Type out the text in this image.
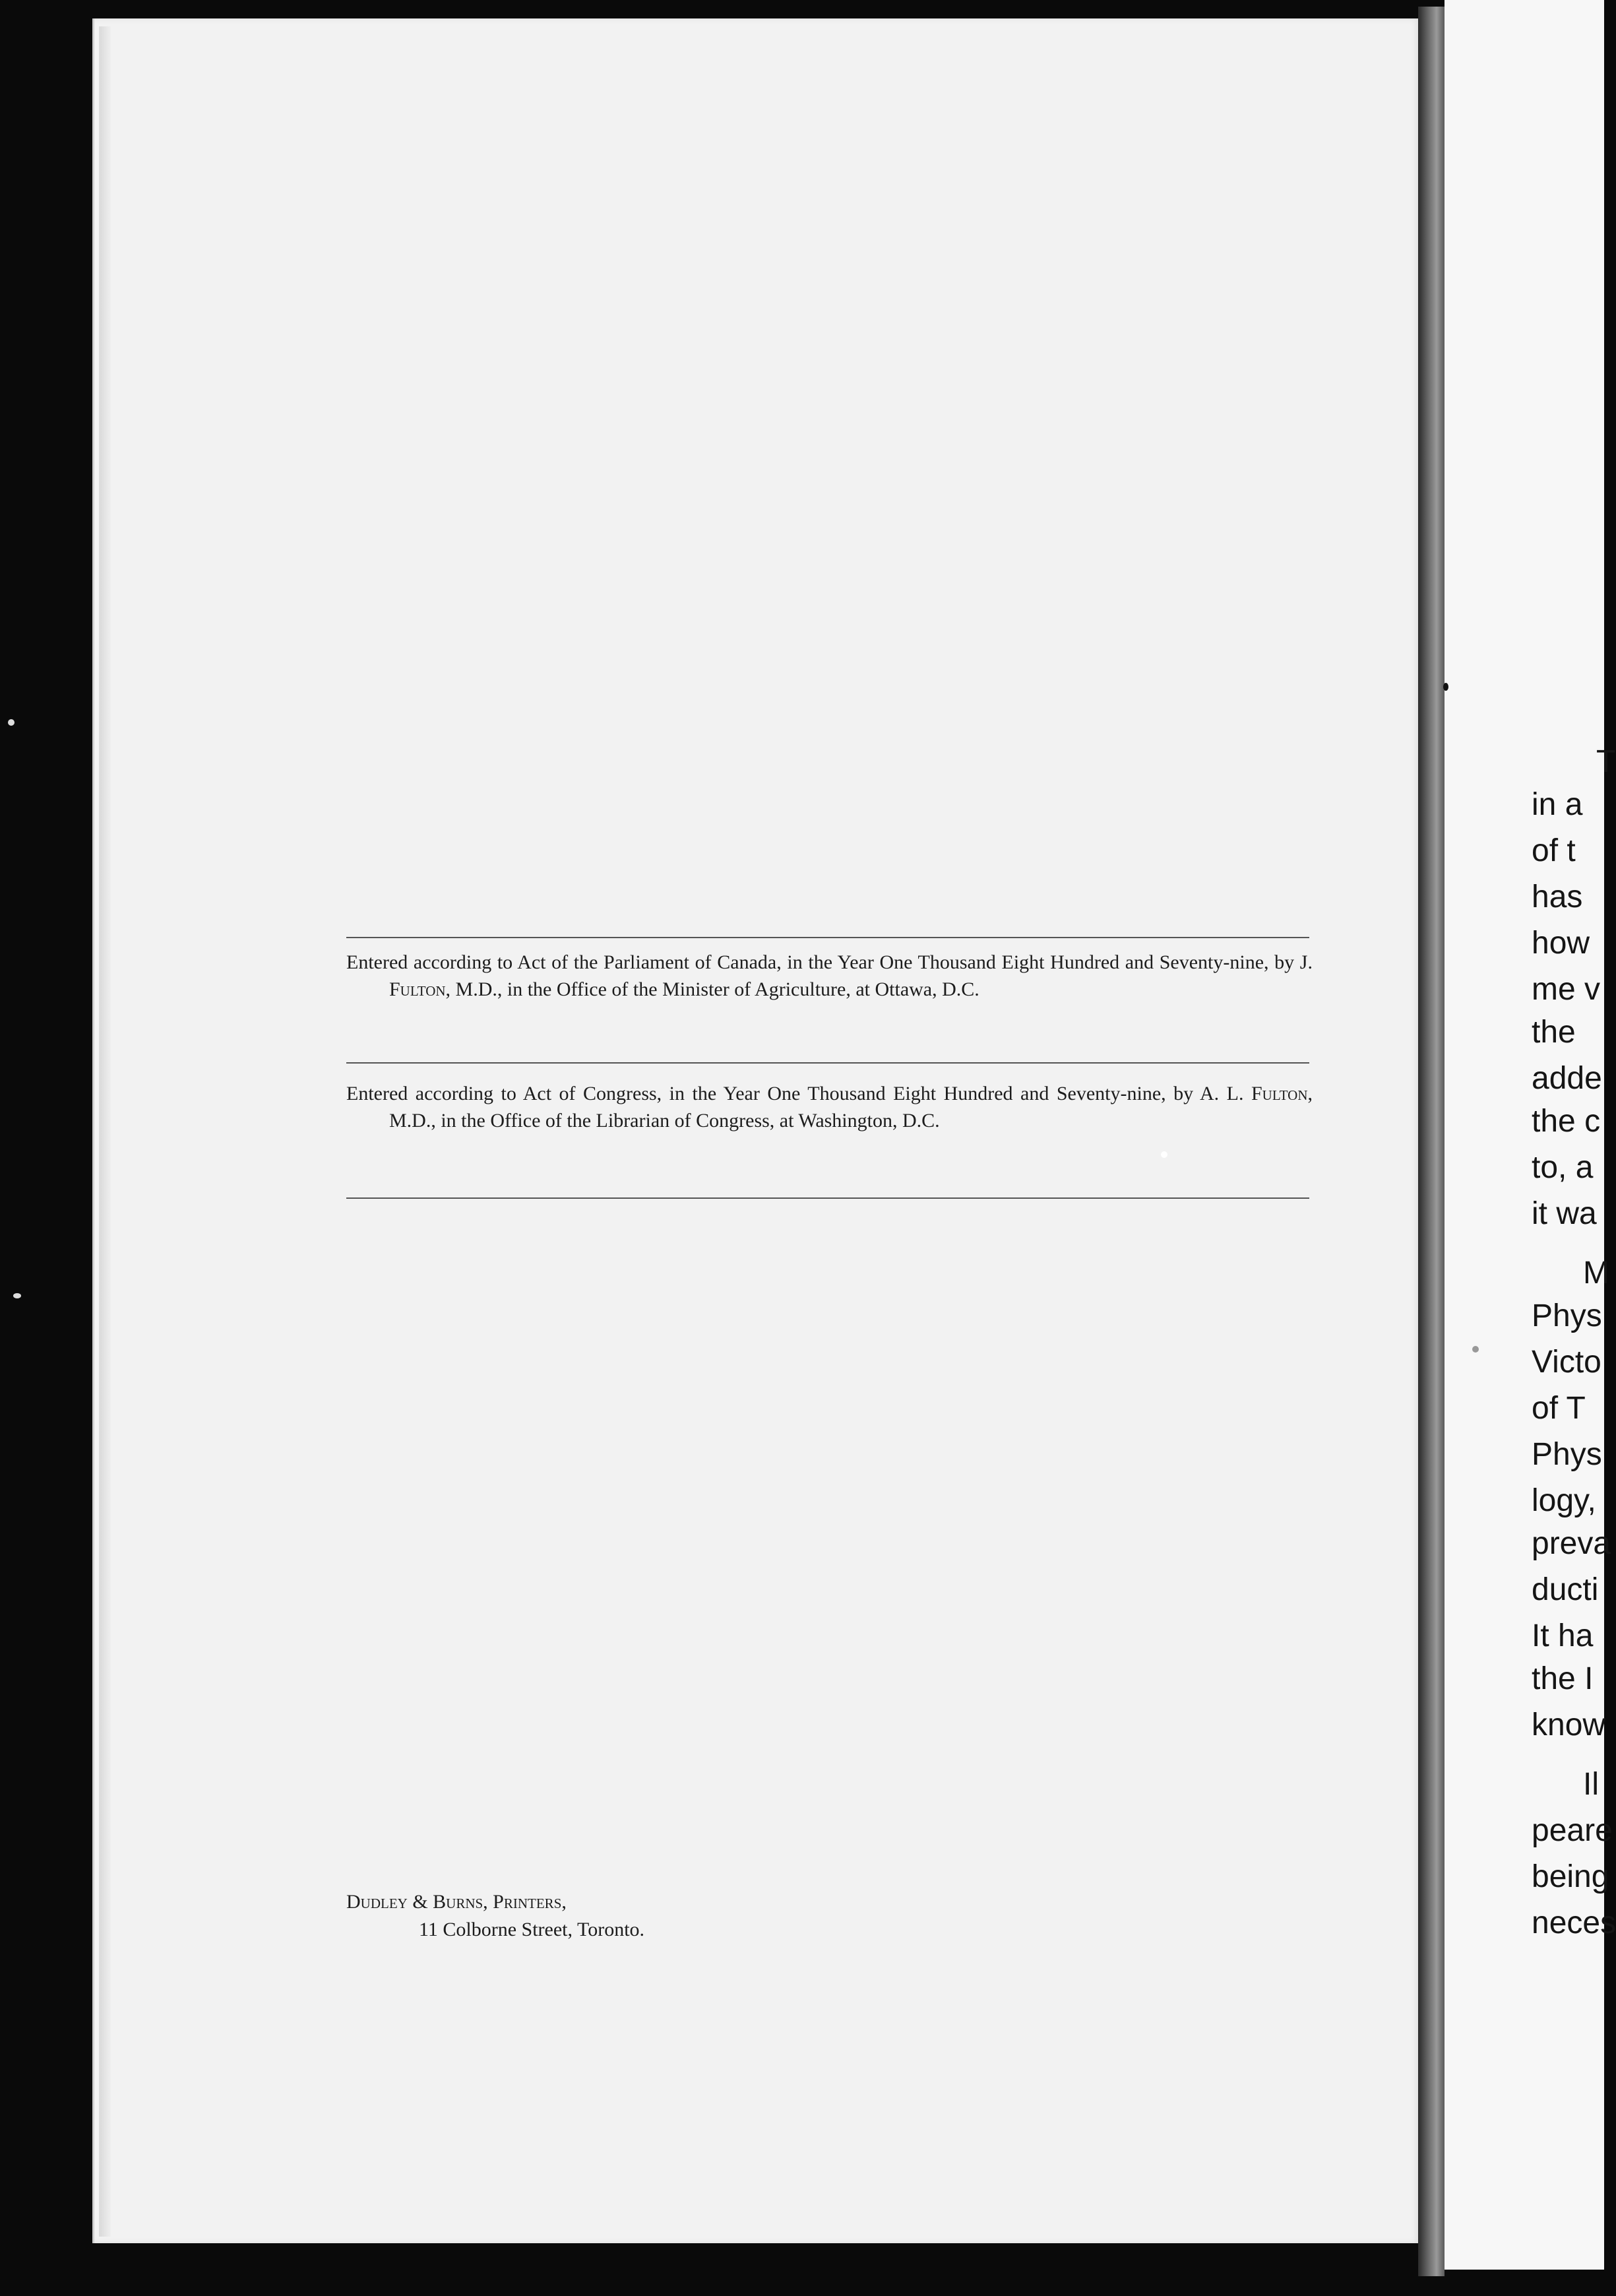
Entered according to Act of the Parliament of Canada, in the Year One Thousand Eight Hundred and Seventy-nine, by J. Fulton, M.D., in the Office of the Minister of Agriculture, at Ottawa, D.C.

Entered according to Act of Congress, in the Year One Thousand Eight Hundred and Seventy-nine, by A. L. Fulton, M.D., in the Office of the Librarian of Congress, at Washington, D.C.

Dudley & Burns, Printers,
11 Colborne Street, Toronto.
T
in a
of t
has
how
me v
the
adde
the c
to, a
it wa
M
Phys
Victo
of T
Phys
logy,
preva
ducti
It ha
the I
know
Il
peare
being
neces
